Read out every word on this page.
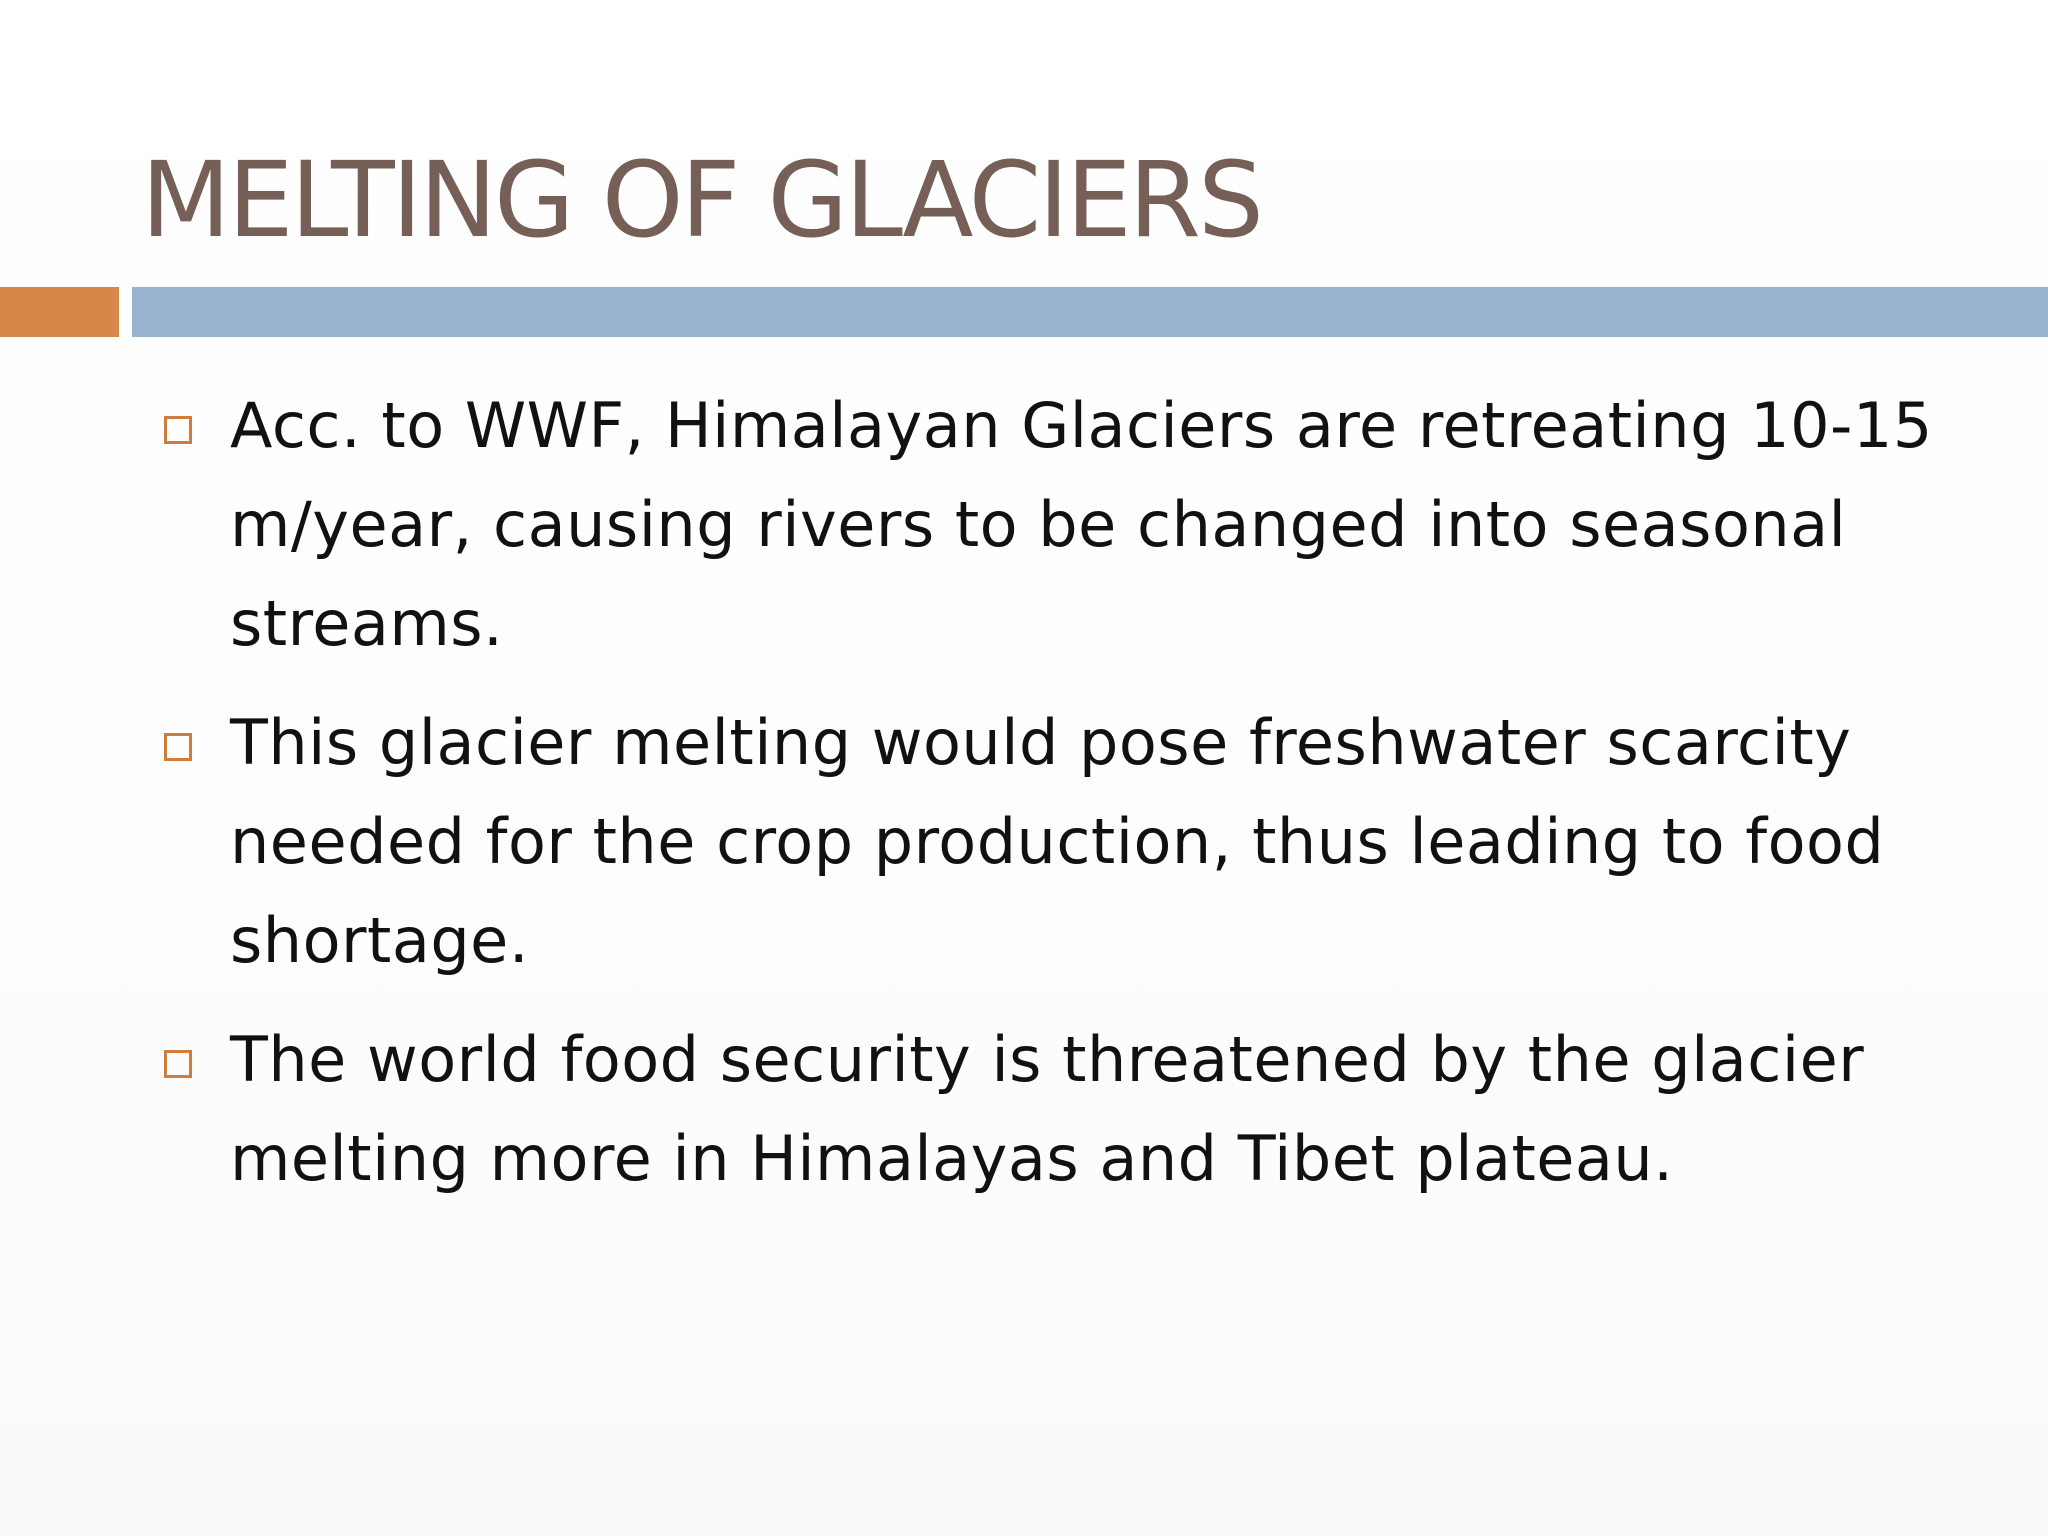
MELTING OF GLACIERS
Acc. to WWF, Himalayan Glaciers are retreating 10-15 m/year, causing rivers to be changed into seasonal streams.
This glacier melting would pose freshwater scarcity needed for the crop production, thus leading to food shortage.
The world food security is threatened by the glacier melting more in Himalayas and Tibet plateau.
